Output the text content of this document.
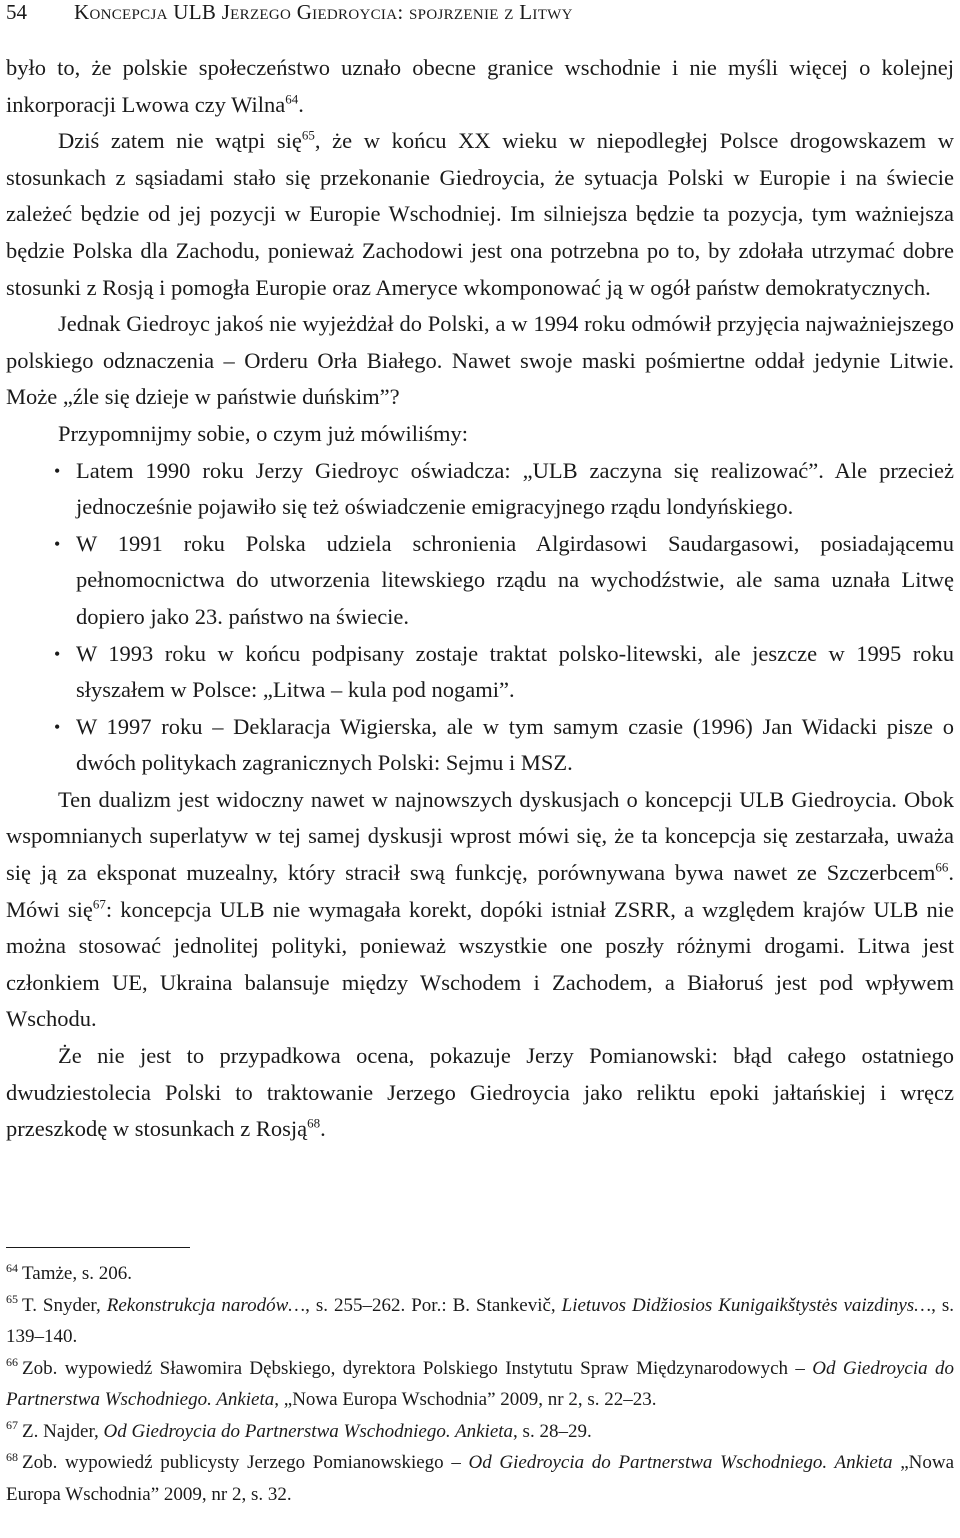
54 Koncepcja ULB Jerzego Giedroycia: spojrzenie z Litwy

było to, że polskie społeczeństwo uznało obecne granice wschodnie i nie myśli więcej o kolejnej inkorporacji Lwowa czy Wilna$^{64}$.

Dziś zatem nie wątpi się$^{65}$, że w końcu XX wieku w niepodległej Polsce drogowskazem w stosunkach z sąsiadami stało się przekonanie Giedroycia, że sytuacja Polski w Europie i na świecie zależeć będzie od jej pozycji w Europie Wschodniej. Im silniejsza będzie ta pozycja, tym ważniejsza będzie Polska dla Zachodu, ponieważ Zachodowi jest ona potrzebna po to, by zdołała utrzymać dobre stosunki z Rosją i pomogła Europie oraz Ameryce wkomponować ją w ogół państw demokratycznych.

Jednak Giedroyc jakoś nie wyjeżdżał do Polski, a w 1994 roku odmówił przyjęcia najważniejszego polskiego odznaczenia – Orderu Orła Białego. Nawet swoje maski pośmiertne oddał jedynie Litwie. Może „źle się dzieje w państwie duńskim”?

Przypomnijmy sobie, o czym już mówiliśmy:

• Latem 1990 roku Jerzy Giedroyc oświadcza: „ULB zaczyna się realizować”. Ale przecież jednocześnie pojawiło się też oświadczenie emigracyjnego rządu londyńskiego.
• W 1991 roku Polska udziela schronienia Algirdasowi Saudargasowi, posiadającemu pełnomocnictwa do utworzenia litewskiego rządu na wychodźstwie, ale sama uznała Litwę dopiero jako 23. państwo na świecie.
• W 1993 roku w końcu podpisany zostaje traktat polsko-litewski, ale jeszcze w 1995 roku słyszałem w Polsce: „Litwa – kula pod nogami”.
• W 1997 roku – Deklaracja Wigierska, ale w tym samym czasie (1996) Jan Widacki pisze o dwóch politykach zagranicznych Polski: Sejmu i MSZ.

Ten dualizm jest widoczny nawet w najnowszych dyskusjach o koncepcji ULB Giedroycia. Obok wspomnianych superlatyw w tej samej dyskusji wprost mówi się, że ta koncepcja się zestarzała, uważa się ją za eksponat muzealny, który stracił swą funkcję, porównywana bywa nawet ze Szczerbcem$^{66}$. Mówi się$^{67}$: koncepcja ULB nie wymagała korekt, dopóki istniał ZSRR, a względem krajów ULB nie można stosować jednolitej polityki, ponieważ wszystkie one poszły różnymi drogami. Litwa jest członkiem UE, Ukraina balansuje między Wschodem i Zachodem, a Białoruś jest pod wpływem Wschodu.

Że nie jest to przypadkowa ocena, pokazuje Jerzy Pomianowski: błąd całego ostatniego dwudziestolecia Polski to traktowanie Jerzego Giedroycia jako reliktu epoki jałtańskiej i wręcz przeszkodę w stosunkach z Rosją$^{68}$.

$^{64}$ Tamże, s. 206.

$^{65}$ T. Snyder, Rekonstrukcja narodów…, s. 255–262. Por.: B. Stankevič, Lietuvos Didžiosios Kunigaikštystės vaizdinys…, s. 139–140.

$^{66}$ Zob. wypowiedź Sławomira Dębskiego, dyrektora Polskiego Instytutu Spraw Międzynarodowych – Od Giedroycia do Partnerstwa Wschodniego. Ankieta, „Nowa Europa Wschodnia” 2009, nr 2, s. 22–23.

$^{67}$ Z. Najder, Od Giedroycia do Partnerstwa Wschodniego. Ankieta, s. 28–29.

$^{68}$ Zob. wypowiedź publicysty Jerzego Pomianowskiego – Od Giedroycia do Partnerstwa Wschodniego. Ankieta „Nowa Europa Wschodnia” 2009, nr 2, s. 32.
